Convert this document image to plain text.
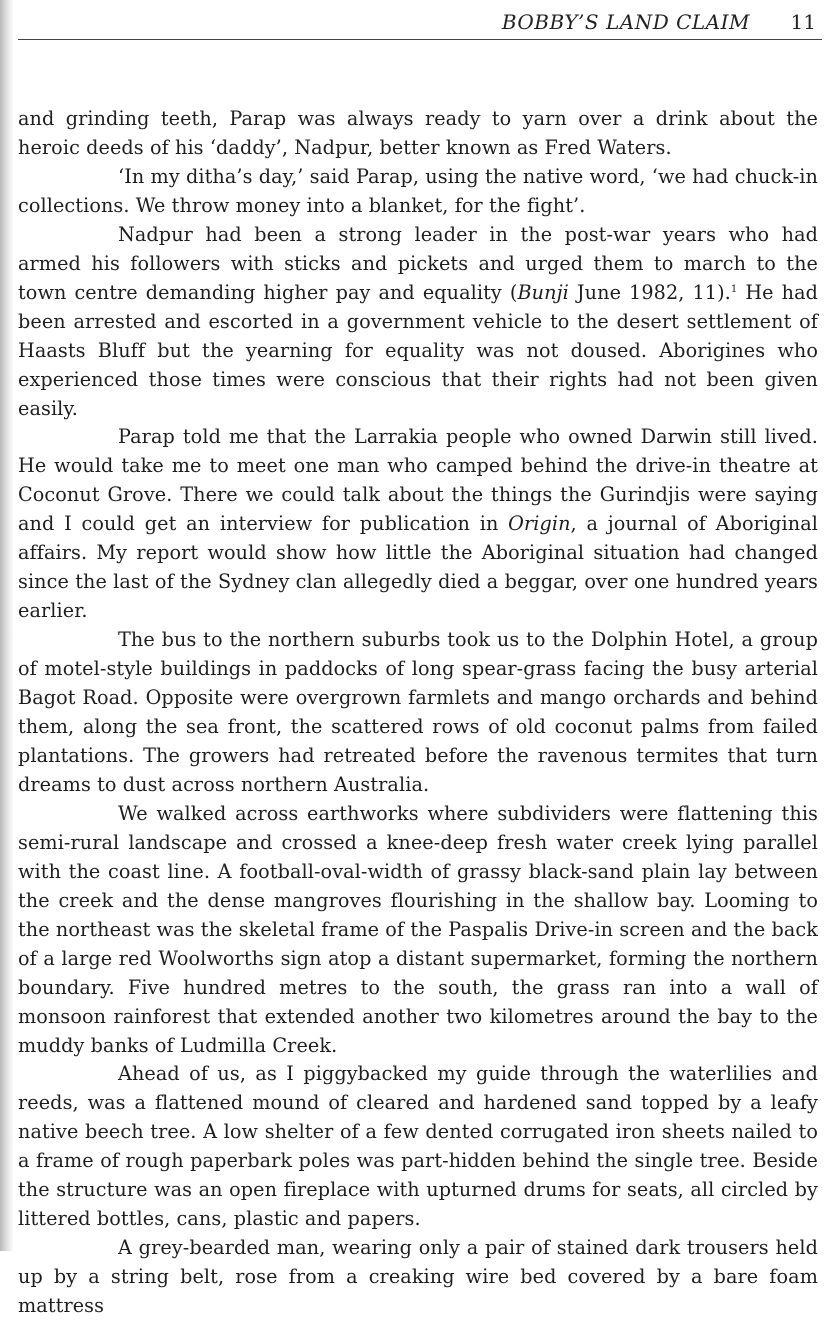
BOBBY’S LAND CLAIM 11

and grinding teeth, Parap was always ready to yarn over a drink about the heroic deeds of his ‘daddy’, Nadpur, better known as Fred Waters.

‘In my ditha’s day,’ said Parap, using the native word, ‘we had chuck-in collections. We throw money into a blanket, for the fight’.

Nadpur had been a strong leader in the post-war years who had armed his followers with sticks and pickets and urged them to march to the town centre demanding higher pay and equality (Bunji June 1982, 11).$^1$ He had been arrested and escorted in a government vehicle to the desert settlement of Haasts Bluff but the yearning for equality was not doused. Aborigines who experienced those times were conscious that their rights had not been given easily.

Parap told me that the Larrakia people who owned Darwin still lived. He would take me to meet one man who camped behind the drive-in theatre at Coconut Grove. There we could talk about the things the Gurindjis were saying and I could get an interview for publication in Origin, a journal of Aboriginal affairs. My report would show how little the Aboriginal situation had changed since the last of the Sydney clan allegedly died a beggar, over one hundred years earlier.

The bus to the northern suburbs took us to the Dolphin Hotel, a group of motel-style buildings in paddocks of long spear-grass facing the busy arterial Bagot Road. Opposite were overgrown farmlets and mango orchards and behind them, along the sea front, the scattered rows of old coconut palms from failed plantations. The growers had retreated before the ravenous termites that turn dreams to dust across northern Australia.

We walked across earthworks where subdividers were flattening this semi-rural landscape and crossed a knee-deep fresh water creek lying parallel with the coast line. A football-oval-width of grassy black-sand plain lay between the creek and the dense mangroves flourishing in the shallow bay. Looming to the northeast was the skeletal frame of the Paspalis Drive-in screen and the back of a large red Woolworths sign atop a distant supermarket, forming the northern boundary. Five hundred metres to the south, the grass ran into a wall of monsoon rainforest that extended another two kilometres around the bay to the muddy banks of Ludmilla Creek.

Ahead of us, as I piggybacked my guide through the waterlilies and reeds, was a flattened mound of cleared and hardened sand topped by a leafy native beech tree. A low shelter of a few dented corrugated iron sheets nailed to a frame of rough paperbark poles was part-hidden behind the single tree. Beside the structure was an open fireplace with upturned drums for seats, all circled by littered bottles, cans, plastic and papers.

A grey-bearded man, wearing only a pair of stained dark trousers held up by a string belt, rose from a creaking wire bed covered by a bare foam mattress
